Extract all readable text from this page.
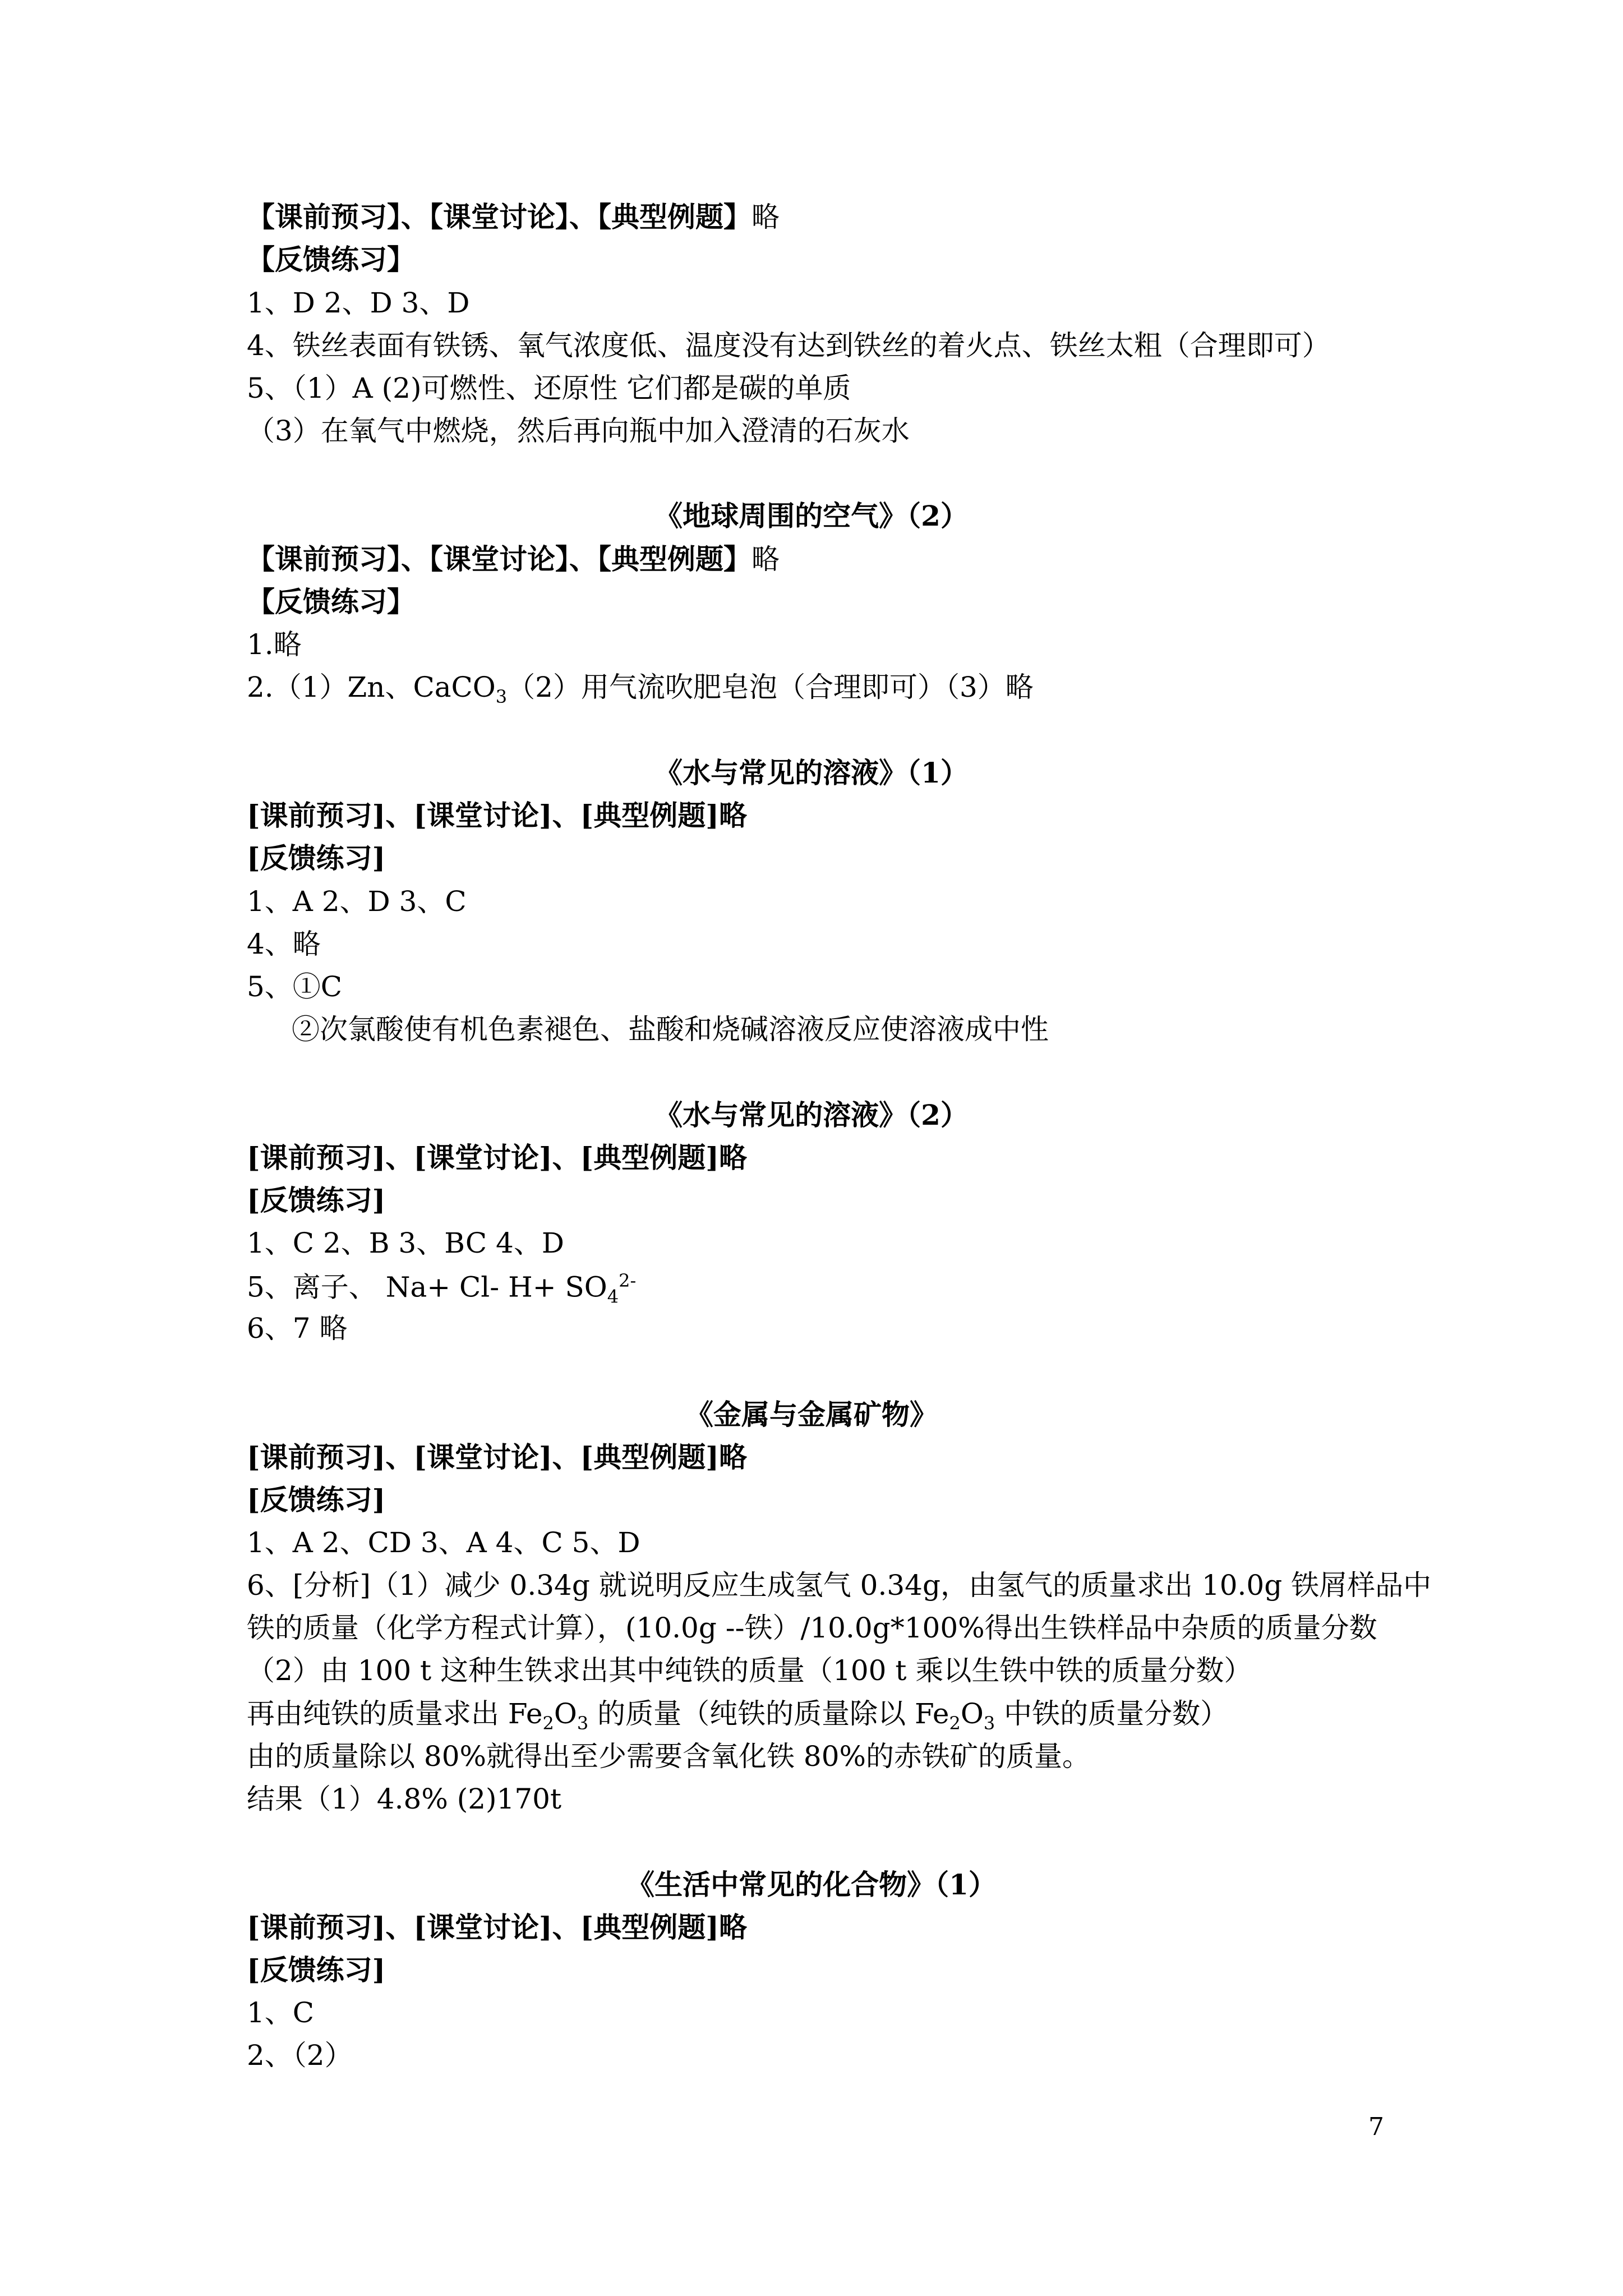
【课前预习】、【课堂讨论】、【典型例题】略
【反馈练习】
1、D 2、D 3、D
4、铁丝表面有铁锈、氧气浓度低、温度没有达到铁丝的着火点、铁丝太粗（合理即可）
5、（1）A (2)可燃性、还原性 它们都是碳的单质
（3）在氧气中燃烧，然后再向瓶中加入澄清的石灰水
《地球周围的空气》（2）
【课前预习】、【课堂讨论】、【典型例题】略
【反馈练习】
1.略
2.（1）Zn、CaCO$_3$（2）用气流吹肥皂泡（合理即可）（3）略
《水与常见的溶液》（1）
[课前预习]、[课堂讨论]、[典型例题]略
[反馈练习]
1、A 2、D 3、C
4、略
5、①C
②次氯酸使有机色素褪色、盐酸和烧碱溶液反应使溶液成中性
《水与常见的溶液》（2）
[课前预习]、[课堂讨论]、[典型例题]略
[反馈练习]
1、C 2、B 3、BC 4、D
5、离子、 Na+ Cl- $H+ SO_4^{2-}$
6、7 略
《金属与金属矿物》
[课前预习]、[课堂讨论]、[典型例题]略
[反馈练习]
1、A 2、CD 3、A 4、C 5、D
6、[分析]（1）减少 0.34g 就说明反应生成氢气 0.34g，由氢气的质量求出 10.0g 铁屑样品中
铁的质量（化学方程式计算），(10.0g --铁）/10.0g*100%得出生铁样品中杂质的质量分数
（2）由 100 t 这种生铁求出其中纯铁的质量（100 t 乘以生铁中铁的质量分数）
再由纯铁的质量求出 $Fe_2O_3$ 的质量（纯铁的质量除以 $Fe_2O_3$ 中铁的质量分数）
由的质量除以 80%就得出至少需要含氧化铁 80%的赤铁矿的质量。
结果（1）4.8% (2)170t
《生活中常见的化合物》（1）
[课前预习]、[课堂讨论]、[典型例题]略
[反馈练习]
1、C
2、（2）
7
